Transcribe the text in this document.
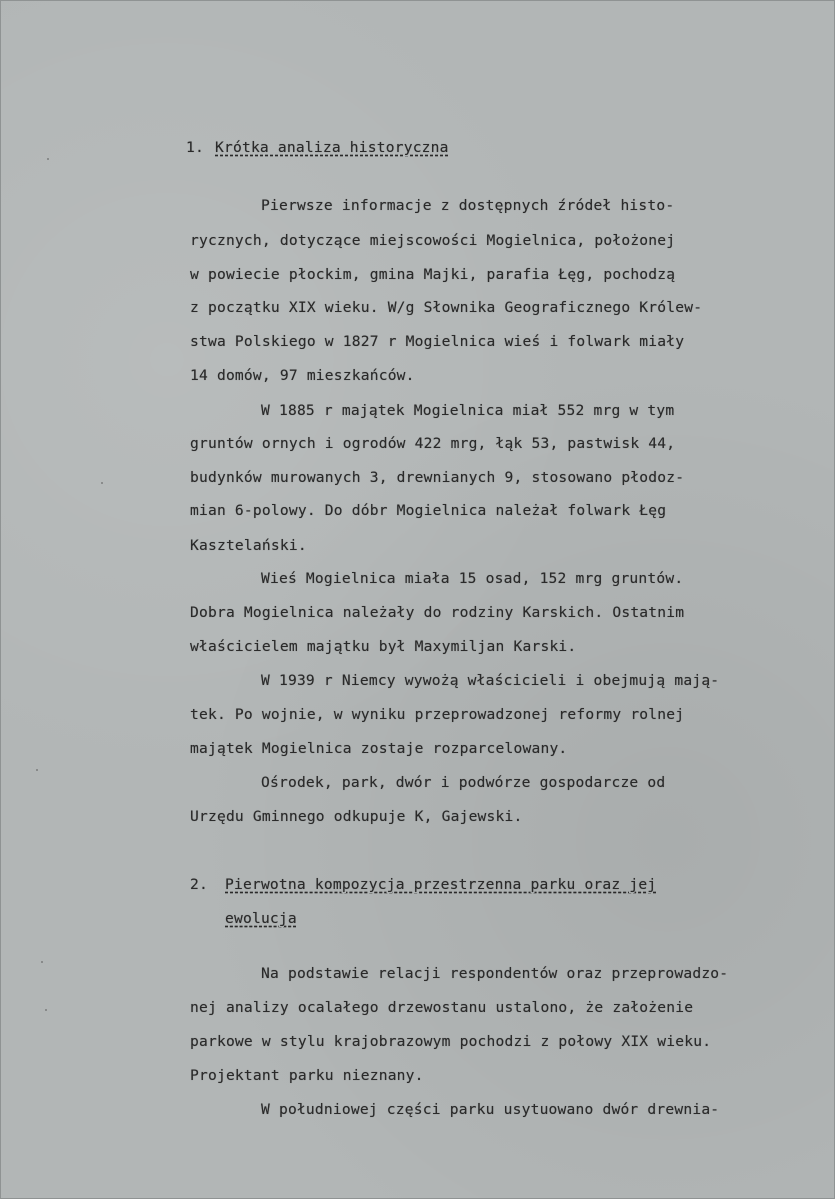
1. Krótka analiza historyczna
Pierwsze informacje z dostępnych źródeł histo-
rycznych, dotyczące miejscowości Mogielnica, położonej
w powiecie płockim, gmina Majki, parafia Łęg, pochodzą
z początku XIX wieku. W/g Słownika Geograficznego Królew-
stwa Polskiego w 1827 r Mogielnica wieś i folwark miały
14 domów, 97 mieszkańców.
W 1885 r majątek Mogielnica miał 552 mrg w tym
gruntów ornych i ogrodów 422 mrg, łąk 53, pastwisk 44,
budynków murowanych 3, drewnianych 9, stosowano płodoz-
mian 6-polowy. Do dóbr Mogielnica należał folwark Łęg
Kasztelański.
Wieś Mogielnica miała 15 osad, 152 mrg gruntów.
Dobra Mogielnica należały do rodziny Karskich. Ostatnim
właścicielem majątku był Maxymiljan Karski.
W 1939 r Niemcy wywożą właścicieli i obejmują mają-
tek. Po wojnie, w wyniku przeprowadzonej reformy rolnej
majątek Mogielnica zostaje rozparcelowany.
Ośrodek, park, dwór i podwórze gospodarcze od
Urzędu Gminnego odkupuje K, Gajewski.
2. Pierwotna kompozycja przestrzenna parku oraz jej
ewolucja
Na podstawie relacji respondentów oraz przeprowadzo-
nej analizy ocalałego drzewostanu ustalono, że założenie
parkowe w stylu krajobrazowym pochodzi z połowy XIX wieku.
Projektant parku nieznany.
W południowej części parku usytuowano dwór drewnia-
